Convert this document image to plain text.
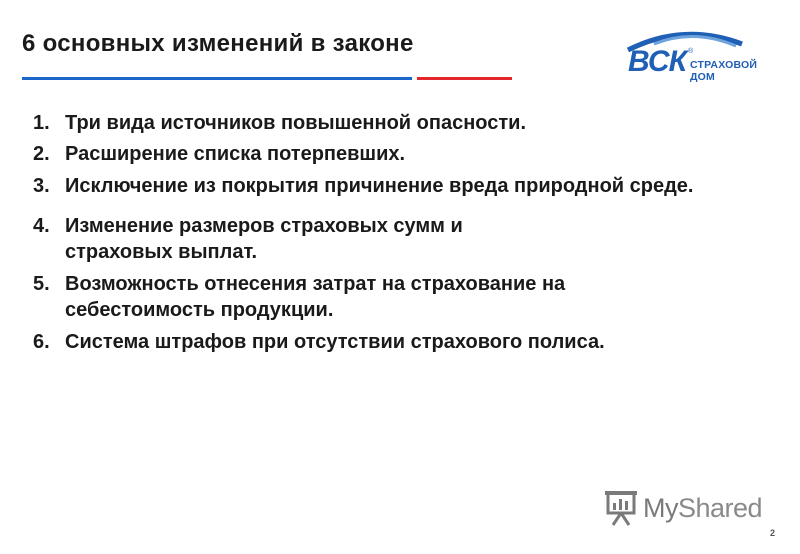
6 основных изменений в законе
ВСК ®
СТРАХОВОЙ ДОМ
1. Три вида источников повышенной опасности.
2. Расширение списка потерпевших.
3. Исключение из покрытия причинение вреда природной среде.
4. Изменение размеров страховых сумм и страховых выплат.
5. Возможность отнесения затрат на страхование на себестоимость продукции.
6. Система штрафов при отсутствии страхового полиса.
MyShared
2
